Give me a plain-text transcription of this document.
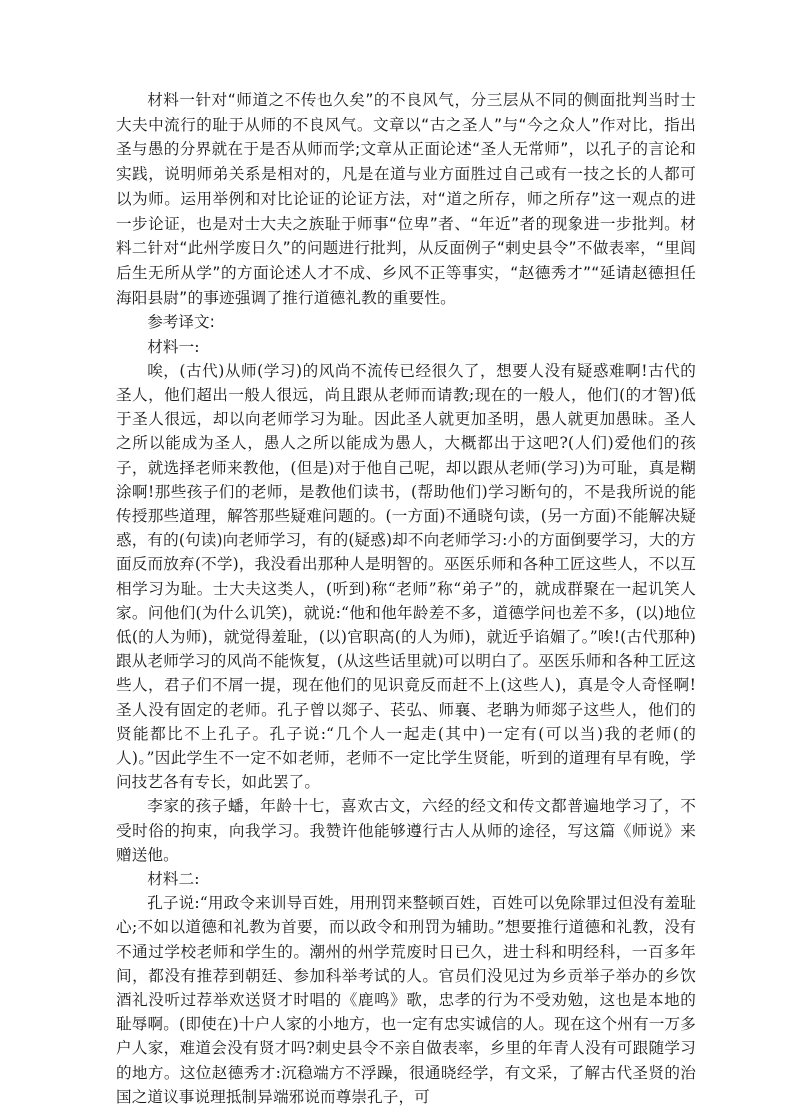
材料一针对“师道之不传也久矣”的不良风气，分三层从不同的侧面批判当时士大夫中流行的耻于从师的不良风气。文章以“古之圣人”与“今之众人”作对比，指出圣与愚的分界就在于是否从师而学;文章从正面论述“圣人无常师”，以孔子的言论和实践，说明师弟关系是相对的，凡是在道与业方面胜过自己或有一技之长的人都可以为师。运用举例和对比论证的论证方法，对“道之所存，师之所存”这一观点的进一步论证，也是对士大夫之族耻于师事“位卑”者、“年近”者的现象进一步批判。材料二针对“此州学废日久”的问题进行批判，从反面例子“剌史县令”不做表率，“里闾后生无所从学”的方面论述人才不成、乡风不正等事实，“赵德秀才”“延请赵德担任海阳县尉”的事迹强调了推行道德礼教的重要性。

参考译文:

材料一:

唉，(古代)从师(学习)的风尚不流传已经很久了，想要人没有疑惑难啊!古代的圣人，他们超出一般人很远，尚且跟从老师而请教;现在的一般人，他们(的才智)低于圣人很远，却以向老师学习为耻。因此圣人就更加圣明，愚人就更加愚昧。圣人之所以能成为圣人，愚人之所以能成为愚人，大概都出于这吧?(人们)爱他们的孩子，就选择老师来教他，(但是)对于他自己呢，却以跟从老师(学习)为可耻，真是糊涂啊!那些孩子们的老师，是教他们读书，(帮助他们)学习断句的，不是我所说的能传授那些道理，解答那些疑难问题的。(一方面)不通晓句读，(另一方面)不能解决疑惑，有的(句读)向老师学习，有的(疑惑)却不向老师学习:小的方面倒要学习，大的方面反而放弃(不学)，我没看出那种人是明智的。巫医乐师和各种工匠这些人，不以互相学习为耻。士大夫这类人，(听到)称“老师”称“弟子”的，就成群聚在一起讥笑人家。问他们(为什么讥笑)，就说:“他和他年龄差不多，道德学问也差不多，(以)地位低(的人为师)，就觉得羞耻，(以)官职高(的人为师)，就近乎谄媚了。”唉!(古代那种)跟从老师学习的风尚不能恢复，(从这些话里就)可以明白了。巫医乐师和各种工匠这些人，君子们不屑一提，现在他们的见识竟反而赶不上(这些人)，真是令人奇怪啊!圣人没有固定的老师。孔子曾以郯子、苌弘、师襄、老聃为师郯子这些人，他们的贤能都比不上孔子。孔子说:“几个人一起走(其中)一定有(可以当)我的老师(的人)。”因此学生不一定不如老师，老师不一定比学生贤能，听到的道理有早有晚，学问技艺各有专长，如此罢了。

李家的孩子蟠，年龄十七，喜欢古文，六经的经文和传文都普遍地学习了，不受时俗的拘束，向我学习。我赞许他能够遵行古人从师的途径，写这篇《师说》来赠送他。

材料二:

孔子说:“用政令来训导百姓，用刑罚来整顿百姓，百姓可以免除罪过但没有羞耻心;不如以道德和礼教为首要，而以政令和刑罚为辅助。”想要推行道德和礼教，没有不通过学校老师和学生的。潮州的州学荒废时日已久，进士科和明经科，一百多年间，都没有推荐到朝廷、参加科举考试的人。官员们没见过为乡贡举子举办的乡饮酒礼没听过荐举欢送贤才时唱的《鹿鸣》歌，忠孝的行为不受劝勉，这也是本地的耻辱啊。(即使在)十户人家的小地方，也一定有忠实诚信的人。现在这个州有一万多户人家，难道会没有贤才吗?刺史县令不亲自做表率，乡里的年青人没有可跟随学习的地方。这位赵德秀才:沉稳端方不浮躁，很通晓经学，有文采，了解古代圣贤的治国之道议事说理抵制异端邪说而尊崇孔子，可
